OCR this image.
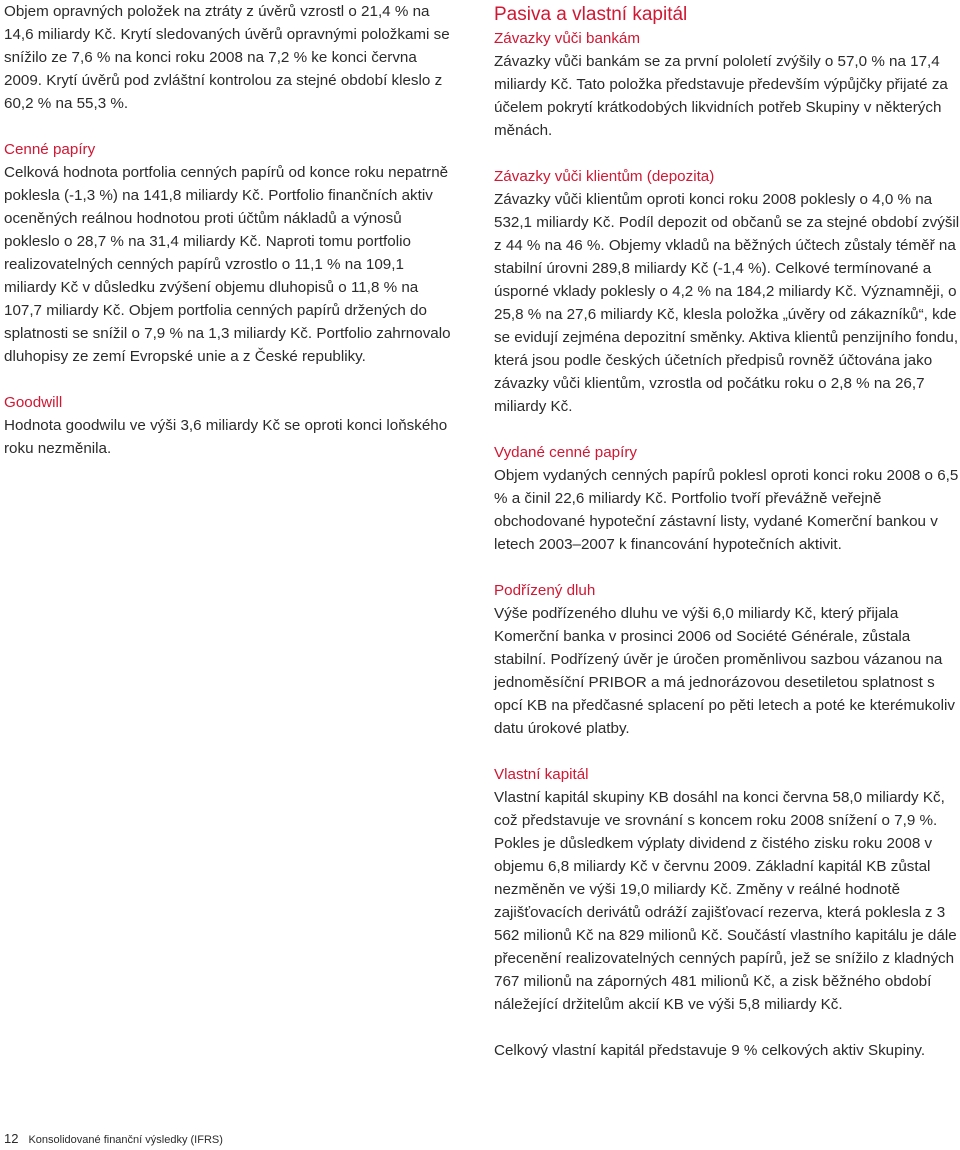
Objem opravných položek na ztráty z úvěrů vzrostl o 21,4 % na 14,6 miliardy Kč. Krytí sledovaných úvěrů opravnými položkami se snížilo ze 7,6 % na konci roku 2008 na 7,2 % ke konci června 2009. Krytí úvěrů pod zvláštní kontrolou za stejné období kleslo z 60,2 % na 55,3 %.

Cenné papíry

Celková hodnota portfolia cenných papírů od konce roku nepatrně poklesla (-1,3 %) na 141,8 miliardy Kč. Portfolio finančních aktiv oceněných reálnou hodnotou proti účtům nákladů a výnosů pokleslo o 28,7 % na 31,4 miliardy Kč. Naproti tomu portfolio realizovatelných cenných papírů vzrostlo o 11,1 % na 109,1 miliardy Kč v důsledku zvýšení objemu dluhopisů o 11,8 % na 107,7 miliardy Kč. Objem portfolia cenných papírů držených do splatnosti se snížil o 7,9 % na 1,3 miliardy Kč. Portfolio zahrnovalo dluhopisy ze zemí Evropské unie a z České republiky.

Goodwill

Hodnota goodwilu ve výši 3,6 miliardy Kč se oproti konci loňského roku nezměnila.

Pasiva a vlastní kapitál
Závazky vůči bankám

Závazky vůči bankám se za první pololetí zvýšily o 57,0 % na 17,4 miliardy Kč. Tato položka představuje především výpůjčky přijaté za účelem pokrytí krátkodobých likvidních potřeb Skupiny v některých měnách.

Závazky vůči klientům (depozita)

Závazky vůči klientům oproti konci roku 2008 poklesly o 4,0 % na 532,1 miliardy Kč. Podíl depozit od občanů se za stejné období zvýšil z 44 % na 46 %. Objemy vkladů na běžných účtech zůstaly téměř na stabilní úrovni 289,8 miliardy Kč (-1,4 %). Celkové termínované a úsporné vklady poklesly o 4,2 % na 184,2 miliardy Kč. Významněji, o 25,8 % na 27,6 miliardy Kč, klesla položka „úvěry od zákazníků“, kde se evidují zejména depozitní směnky. Aktiva klientů penzijního fondu, která jsou podle českých účetních předpisů rovněž účtována jako závazky vůči klientům, vzrostla od počátku roku o 2,8 % na 26,7 miliardy Kč.

Vydané cenné papíry

Objem vydaných cenných papírů poklesl oproti konci roku 2008 o 6,5 % a činil 22,6 miliardy Kč. Portfolio tvoří převážně veřejně obchodované hypoteční zástavní listy, vydané Komerční bankou v letech 2003–2007 k financování hypotečních aktivit.

Podřízený dluh

Výše podřízeného dluhu ve výši 6,0 miliardy Kč, který přijala Komerční banka v prosinci 2006 od Société Générale, zůstala stabilní. Podřízený úvěr je úročen proměnlivou sazbou vázanou na jednoměsíční PRIBOR a má jednorázovou desetiletou splatnost s opcí KB na předčasné splacení po pěti letech a poté ke kterémukoliv datu úrokové platby.

Vlastní kapitál

Vlastní kapitál skupiny KB dosáhl na konci června 58,0 miliardy Kč, což představuje ve srovnání s koncem roku 2008 snížení o 7,9 %. Pokles je důsledkem výplaty dividend z čistého zisku roku 2008 v objemu 6,8 miliardy Kč v červnu 2009. Základní kapitál KB zůstal nezměněn ve výši 19,0 miliardy Kč. Změny v reálné hodnotě zajišťovacích derivátů odráží zajišťovací rezerva, která poklesla z 3 562 milionů Kč na 829 milionů Kč. Součástí vlastního kapitálu je dále přecenění realizovatelných cenných papírů, jež se snížilo z kladných 767 milionů na záporných 481 milionů Kč, a zisk běžného období náležející držitelům akcií KB ve výši 5,8 miliardy Kč.

Celkový vlastní kapitál představuje 9 % celkových aktiv Skupiny.

12 Konsolidované finanční výsledky (IFRS)
